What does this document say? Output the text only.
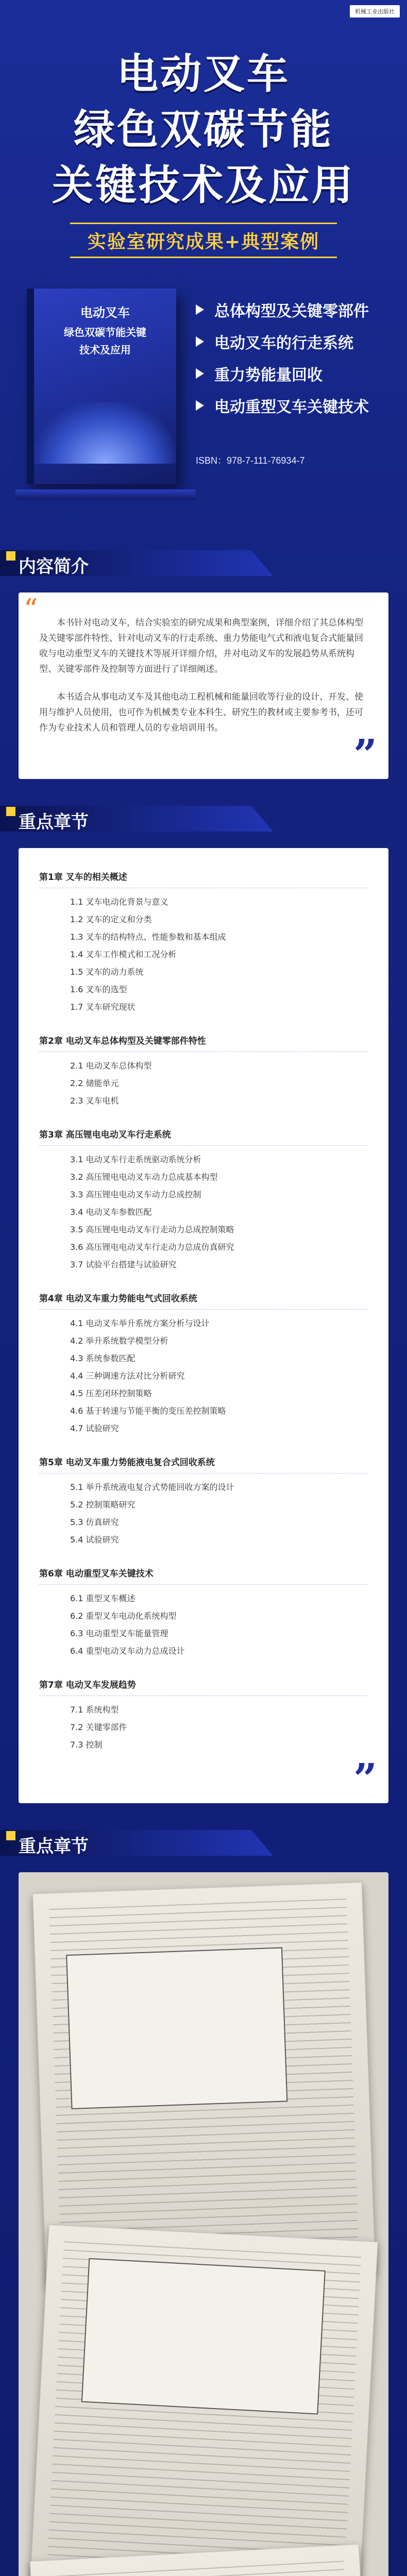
机械工业出版社
电动叉车
绿色双碳节能
关键技术及应用
实验室研究成果+典型案例
电动叉车
绿色双碳节能关键
技术及应用
总体构型及关键零部件
电动叉车的行走系统
重力势能量回收
电动重型叉车关键技术
ISBN：978-7-111-76934-7
内容简介
“	本书针对电动叉车，结合实验室的研究成果和典型案例，详细介绍了其总体构型及关键零部件特性、针对电动叉车的行走系统、重力势能电气式和液电复合式能量回收与电动重型叉车的关键技术等展开详细介绍，并对电动叉车的发展趋势从系统构型、关键零部件及控制等方面进行了详细阐述。

本书适合从事电动叉车及其他电动工程机械和能量回收等行业的设计、开发、使用与维护人员使用，也可作为机械类专业本科生、研究生的教材或主要参考书，还可作为专业技术人员和管理人员的专业培训用书。

”
重点章节
第1章 叉车的相关概述
1.1 叉车电动化背景与意义
1.2 叉车的定义和分类
1.3 叉车的结构特点、性能参数和基本组成
1.4 叉车工作模式和工况分析
1.5 叉车的动力系统
1.6 叉车的选型
1.7 叉车研究现状
第2章 电动叉车总体构型及关键零部件特性
2.1 电动叉车总体构型
2.2 储能单元
2.3 叉车电机
第3章 高压锂电电动叉车行走系统
3.1 电动叉车行走系统驱动系统分析
3.2 高压锂电电动叉车动力总成基本构型
3.3 高压锂电电动叉车动力总成控制
3.4 电动叉车参数匹配
3.5 高压锂电电动叉车行走动力总成控制策略
3.6 高压锂电电动叉车行走动力总成仿真研究
3.7 试验平台搭建与试验研究
第4章 电动叉车重力势能电气式回收系统
4.1 电动叉车举升系统方案分析与设计
4.2 举升系统数学模型分析
4.3 系统参数匹配
4.4 三种调速方法对比分析研究
4.5 压差闭环控制策略
4.6 基于转速与节能平衡的变压差控制策略
4.7 试验研究
第5章 电动叉车重力势能液电复合式回收系统
5.1 举升系统液电复合式势能回收方案的设计
5.2 控制策略研究
5.3 仿真研究
5.4 试验研究
第6章 电动重型叉车关键技术
6.1 重型叉车概述
6.2 重型叉车电动化系统构型
6.3 电动重型叉车能量管理
6.4 重型电动叉车动力总成设计
第7章 电动叉车发展趋势
7.1 系统构型
7.2 关键零部件
7.3 控制
”
重点章节
